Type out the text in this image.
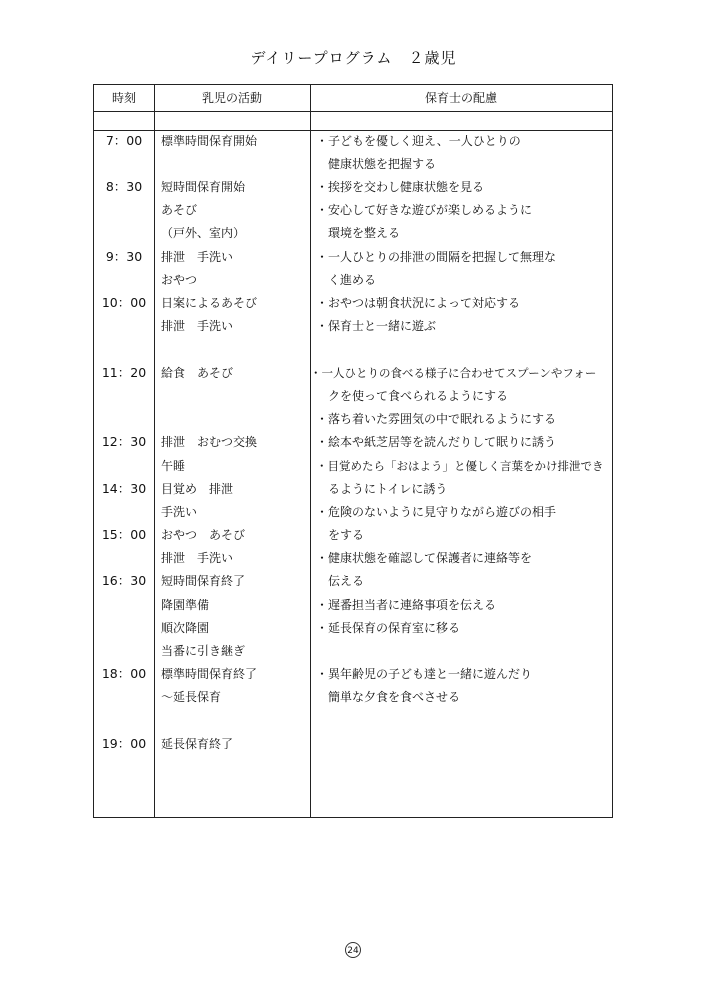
デイリープログラム　２歳児
時刻	乳児の活動	保育士の配慮
7：00
8：30
9：30
10：00
11：20
12：30
14：30
15：00
16：30
18：00
19：00
標準時間保育開始
短時間保育開始
あそび
（戸外、室内）
排泄　手洗い
おやつ
日案によるあそび
排泄　手洗い
給食　あそび
排泄　おむつ交換
午睡
目覚め　排泄
手洗い
おやつ　あそび
排泄　手洗い
短時間保育終了
降園準備
順次降園
当番に引き継ぎ
標準時間保育終了
～延長保育
延長保育終了
・子どもを優しく迎え、一人ひとりの
　健康状態を把握する
・挨拶を交わし健康状態を見る
・安心して好きな遊びが楽しめるように
　環境を整える
・一人ひとりの排泄の間隔を把握して無理な
　く進める
・おやつは朝食状況によって対応する
・保育士と一緒に遊ぶ
・一人ひとりの食べる様子に合わせてスプーンやフォー
　クを使って食べられるようにする
・落ち着いた雰囲気の中で眠れるようにする
・絵本や紙芝居等を読んだりして眠りに誘う
・目覚めたら「おはよう」と優しく言葉をかけ排泄でき
　るようにトイレに誘う
・危険のないように見守りながら遊びの相手
　をする
・健康状態を確認して保護者に連絡等を
　伝える
・遅番担当者に連絡事項を伝える
・延長保育の保育室に移る
・異年齢児の子ども達と一緒に遊んだり
　簡単な夕食を食べさせる
24
